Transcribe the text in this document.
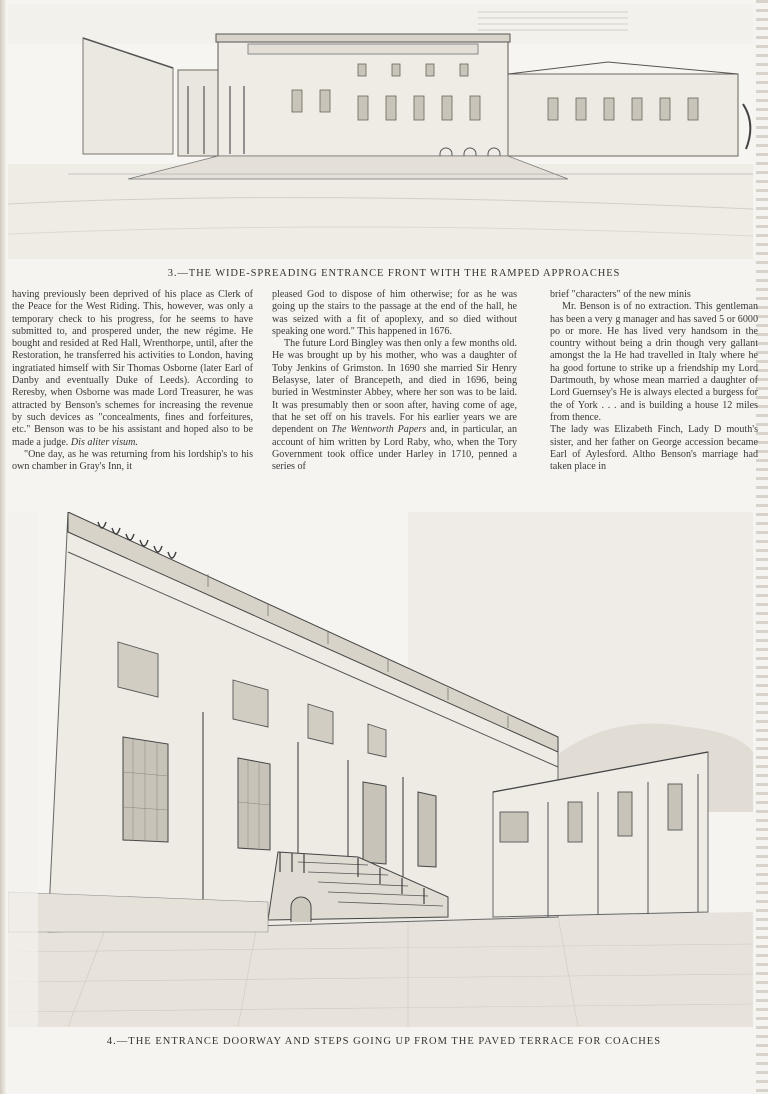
3.—THE WIDE-SPREADING ENTRANCE FRONT WITH THE RAMPED APPROACHES

having previously been deprived of his place as Clerk of the Peace for the West Riding. This, however, was only a temporary check to his progress, for he seems to have submitted to, and prospered under, the new régime. He bought and resided at Red Hall, Wrenthorpe, until, after the Restoration, he transferred his activities to London, having ingratiated himself with Sir Thomas Osborne (later Earl of Danby and eventually Duke of Leeds). According to Reresby, when Osborne was made Lord Treasurer, he was attracted by Benson's schemes for increasing the revenue by such devices as "concealments, fines and forfeitures, etc." Benson was to be his assistant and hoped also to be made a judge. Dis aliter visum.

"One day, as he was returning from his lordship's to his own chamber in Gray's Inn, it

pleased God to dispose of him otherwise; for as he was going up the stairs to the passage at the end of the hall, he was seized with a fit of apoplexy, and so died without speaking one word." This happened in 1676.

The future Lord Bingley was then only a few months old. He was brought up by his mother, who was a daughter of Toby Jenkins of Grimston. In 1690 she married Sir Henry Belasyse, later of Brancepeth, and died in 1696, being buried in Westminster Abbey, where her son was to be laid. It was presumably then or soon after, having come of age, that he set off on his travels. For his earlier years we are dependent on The Wentworth Papers and, in particular, an account of him written by Lord Raby, who, when the Tory Government took office under Harley in 1710, penned a series of

brief "characters" of the new minis

Mr. Benson is of no extraction. This gentleman has been a very g manager and has saved 5 or 6000 po or more. He has lived very handsom in the country without being a drin though very gallant amongst the la He had travelled in Italy where he ha good fortune to strike up a friendship my Lord Dartmouth, by whose mean married a daughter of Lord Guernsey's He is always elected a burgess for the of York . . . and is building a house 12 miles from thence.

The lady was Elizabeth Finch, Lady D mouth's sister, and her father on George accession became Earl of Aylesford. Altho Benson's marriage had taken place in

4.—THE ENTRANCE DOORWAY AND STEPS GOING UP FROM THE PAVED TERRACE FOR COACHES
